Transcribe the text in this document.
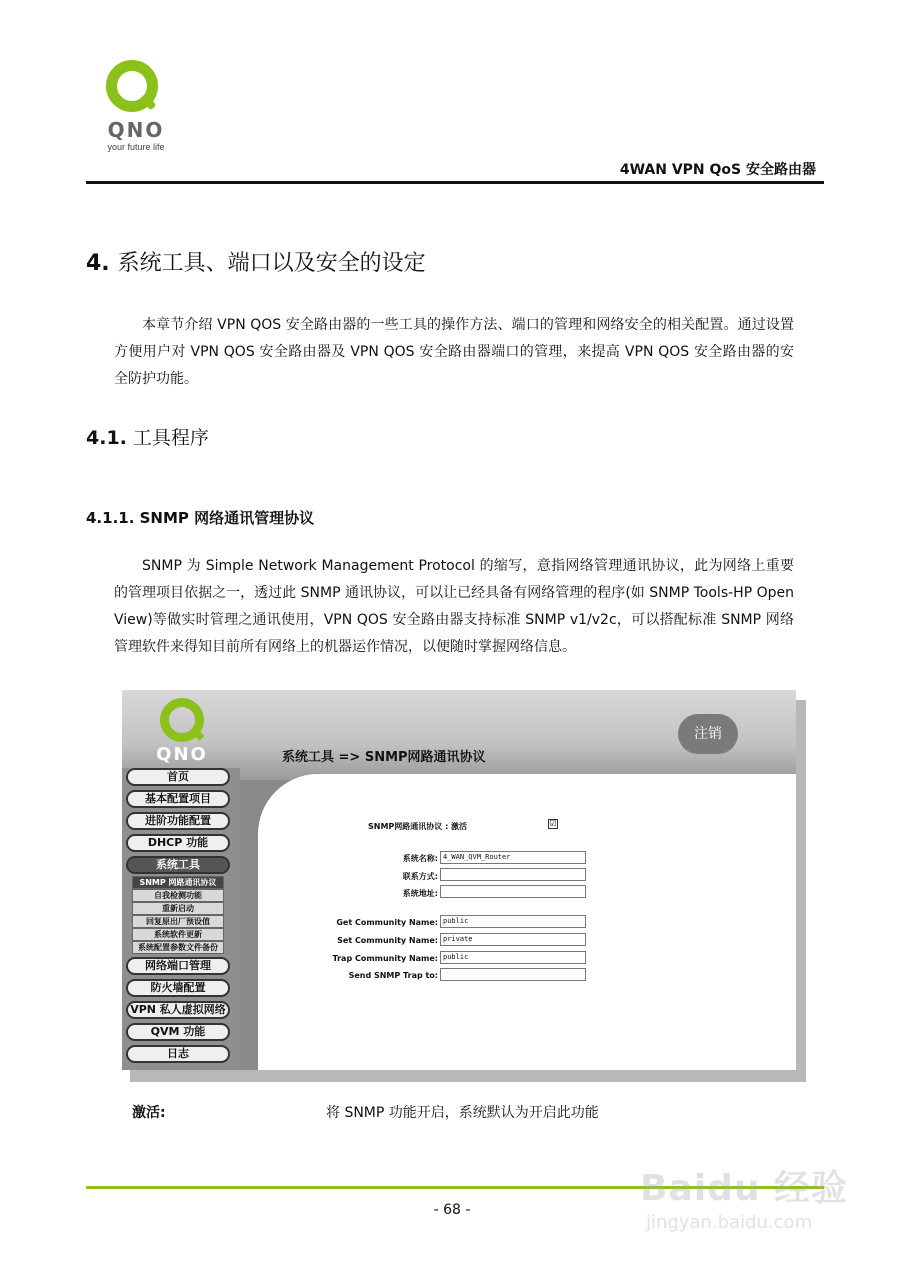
QNO
your future life
4WAN VPN QoS 安全路由器
4. 系统工具、端口以及安全的设定

本章节介绍 VPN QOS 安全路由器的一些工具的操作方法、端口的管理和网络安全的相关配置。通过设置方便用户对 VPN QOS 安全路由器及 VPN QOS 安全路由器端口的管理，来提高 VPN QOS 安全路由器的安全防护功能。

4.1. 工具程序
4.1.1. SNMP 网络通讯管理协议

SNMP 为 Simple Network Management Protocol 的缩写，意指网络管理通讯协议，此为网络上重要的管理项目依据之一，透过此 SNMP 通讯协议，可以让已经具备有网络管理的程序(如 SNMP Tools-HP Open View)等做实时管理之通讯使用，VPN QOS 安全路由器支持标准 SNMP v1/v2c，可以搭配标准 SNMP 网络管理软件来得知目前所有网络上的机器运作情况，以便随时掌握网络信息。

QNO
注销
首页
基本配置项目
进阶功能配置
DHCP 功能
系统工具
SNMP 网路通讯协议
自我检测功能
重新启动
回复原出厂预设值
系统软件更新
系统配置参数文件备份
网络端口管理
防火墙配置
VPN 私人虚拟网络
QVM 功能
日志
SNMP网路通讯协议 : 激活	☑
系统名称: 4_WAN_QVM_Router
联系方式:
系统地址:
Get Community Name: public
Set Community Name: private
Trap Community Name: public
Send SNMP Trap to:
系统工具 => SNMP网路通讯协议
激活:	将 SNMP 功能开启，系统默认为开启此功能
- 68 -
Baidu 经验
jingyan.baidu.com
